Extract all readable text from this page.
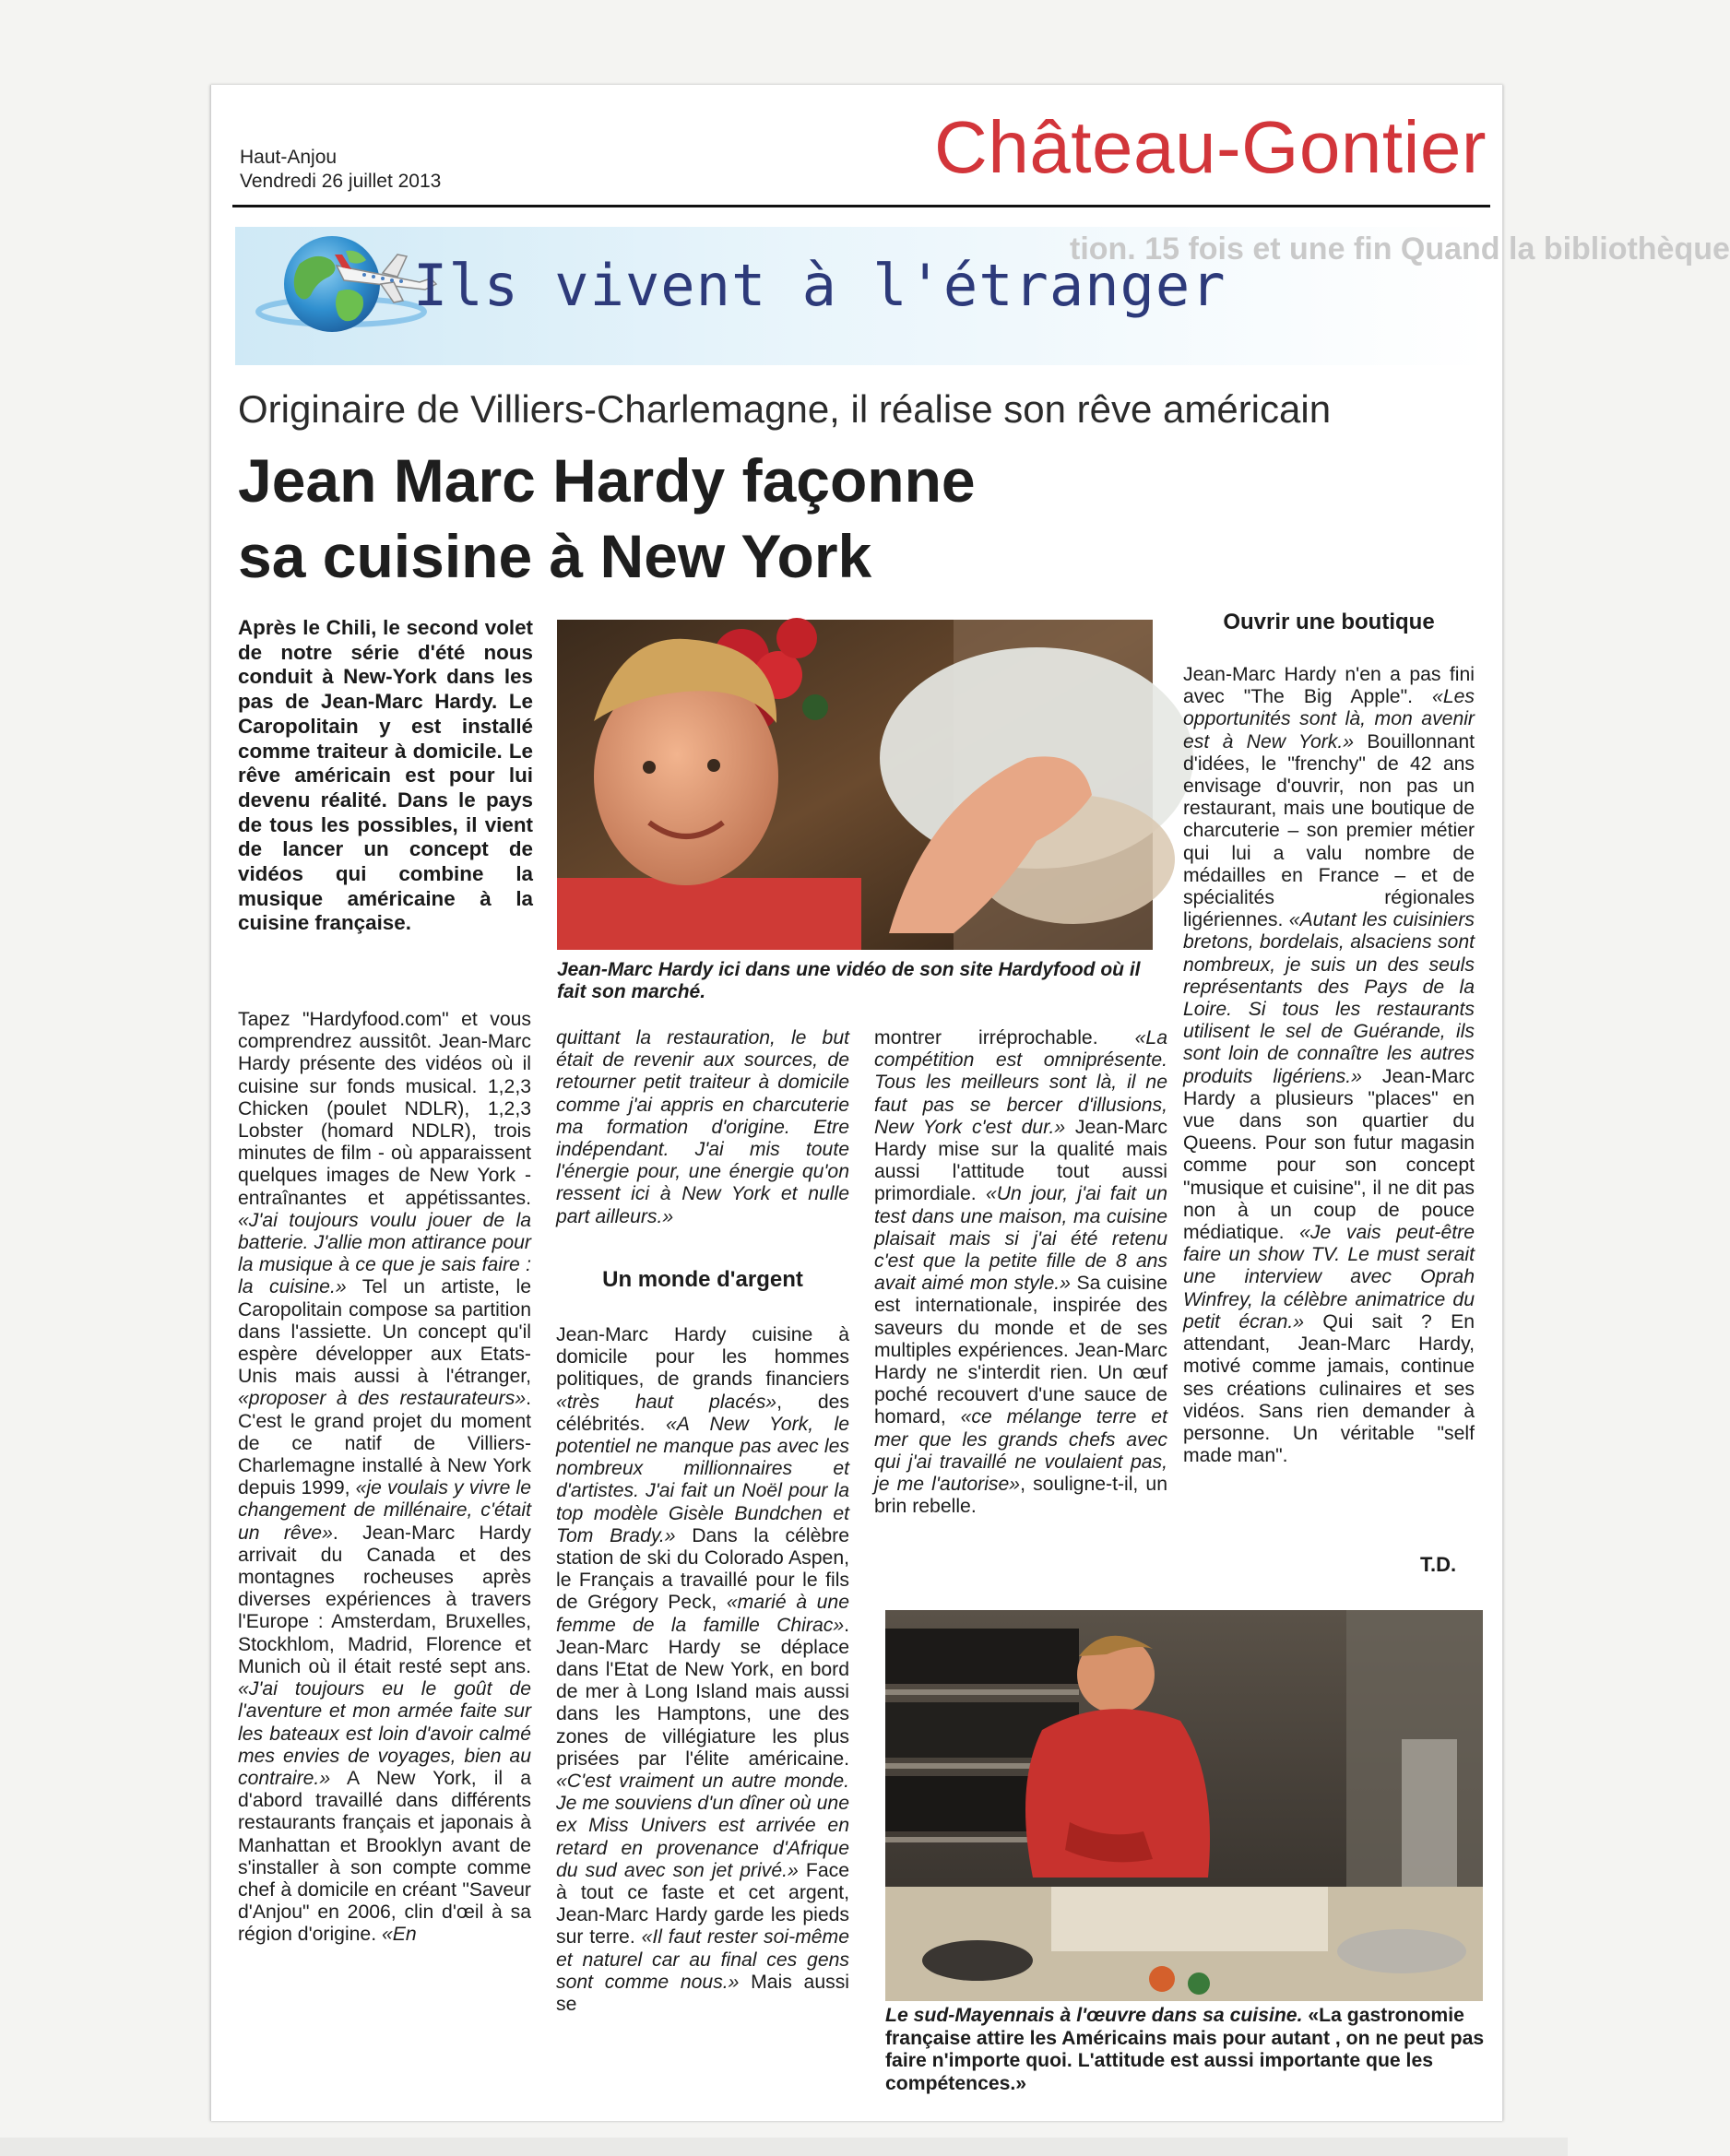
Haut-Anjou
Vendredi 26 juillet 2013	Château-Gontier
tion. 15 fois et une fin Quand la bibliothèque
Ils vivent à l'étranger
Originaire de Villiers-Charlemagne, il réalise son rêve américain
Jean Marc Hardy façonne
sa cuisine à New York
Après le Chili, le second volet de notre série d'été nous conduit à New-York dans les pas de Jean-Marc Hardy. Le Caropolitain y est installé comme traiteur à domicile. Le rêve américain est pour lui devenu réalité. Dans le pays de tous les possibles, il vient de lancer un concept de vidéos qui combine la musique américaine à la cuisine française.
Jean-Marc Hardy ici dans une vidéo de son site Hardyfood où il fait son marché.

Tapez "Hardyfood.com" et vous comprendrez aussitôt. Jean-Marc Hardy présente des vidéos où il cuisine sur fonds musical. 1,2,3 Chicken (poulet NDLR), 1,2,3 Lobster (homard NDLR), trois minutes de film - où apparaissent quelques images de New York - entraînantes et appétissantes. «J'ai toujours voulu jouer de la batterie. J'allie mon attirance pour la musique à ce que je sais faire : la cuisine.» Tel un artiste, le Caropolitain compose sa partition dans l'assiette. Un concept qu'il espère développer aux Etats-Unis mais aussi à l'étranger, «proposer à des restaurateurs». C'est le grand projet du moment de ce natif de Villiers-Charlemagne installé à New York depuis 1999, «je voulais y vivre le changement de millénaire, c'était un rêve». Jean-Marc Hardy arrivait du Canada et des montagnes rocheuses après diverses expériences à travers l'Europe : Amsterdam, Bruxelles, Stockhlom, Madrid, Florence et Munich où il était resté sept ans. «J'ai toujours eu le goût de l'aventure et mon armée faite sur les bateaux est loin d'avoir calmé mes envies de voyages, bien au contraire.» A New York, il a d'abord travaillé dans différents restaurants français et japonais à Manhattan et Brooklyn avant de s'installer à son compte comme chef à domicile en créant "Saveur d'Anjou" en 2006, clin d'œil à sa région d'origine. «En

quittant la restauration, le but était de revenir aux sources, de retourner petit traiteur à domicile comme j'ai appris en charcuterie ma formation d'origine. Etre indépendant. J'ai mis toute l'énergie pour, une énergie qu'on ressent ici à New York et nulle part ailleurs.»

Un monde d'argent

Jean-Marc Hardy cuisine à domicile pour les hommes politiques, de grands financiers «très haut placés», des célébrités. «A New York, le potentiel ne manque pas avec les nombreux millionnaires et d'artistes. J'ai fait un Noël pour la top modèle Gisèle Bundchen et Tom Brady.» Dans la célèbre station de ski du Colorado Aspen, le Français a travaillé pour le fils de Grégory Peck, «marié à une femme de la famille Chirac». Jean-Marc Hardy se déplace dans l'Etat de New York, en bord de mer à Long Island mais aussi dans les Hamptons, une des zones de villégiature les plus prisées par l'élite américaine. «C'est vraiment un autre monde. Je me souviens d'un dîner où une ex Miss Univers est arrivée en retard en provenance d'Afrique du sud avec son jet privé.» Face à tout ce faste et cet argent, Jean-Marc Hardy garde les pieds sur terre. «Il faut rester soi-même et naturel car au final ces gens sont comme nous.» Mais aussi se

montrer irréprochable. «La compétition est omniprésente. Tous les meilleurs sont là, il ne faut pas se bercer d'illusions, New York c'est dur.» Jean-Marc Hardy mise sur la qualité mais aussi l'attitude tout aussi primordiale. «Un jour, j'ai fait un test dans une maison, ma cuisine plaisait mais si j'ai été retenu c'est que la petite fille de 8 ans avait aimé mon style.» Sa cuisine est internationale, inspirée des saveurs du monde et de ses multiples expériences. Jean-Marc Hardy ne s'interdit rien. Un œuf poché recouvert d'une sauce de homard, «ce mélange terre et mer que les grands chefs avec qui j'ai travaillé ne voulaient pas, je me l'autorise», souligne-t-il, un brin rebelle.

Ouvrir une boutique

Jean-Marc Hardy n'en a pas fini avec "The Big Apple". «Les opportunités sont là, mon avenir est à New York.» Bouillonnant d'idées, le "frenchy" de 42 ans envisage d'ouvrir, non pas un restaurant, mais une boutique de charcuterie – son premier métier qui lui a valu nombre de médailles en France – et de spécialités régionales ligériennes. «Autant les cuisiniers bretons, bordelais, alsaciens sont nombreux, je suis un des seuls représentants des Pays de la Loire. Si tous les restaurants utilisent le sel de Guérande, ils sont loin de connaître les autres produits ligériens.» Jean-Marc Hardy a plusieurs "places" en vue dans son quartier du Queens. Pour son futur magasin comme pour son concept "musique et cuisine", il ne dit pas non à un coup de pouce médiatique. «Je vais peut-être faire un show TV. Le must serait une interview avec Oprah Winfrey, la célèbre animatrice du petit écran.» Qui sait ? En attendant, Jean-Marc Hardy, motivé comme jamais, continue ses créations culinaires et ses vidéos. Sans rien demander à personne. Un véritable "self made man".

T.D.
Le sud-Mayennais à l'œuvre dans sa cuisine. «La gastronomie française attire les Américains mais pour autant , on ne peut pas faire n'importe quoi. L'attitude est aussi importante que les compétences.»
